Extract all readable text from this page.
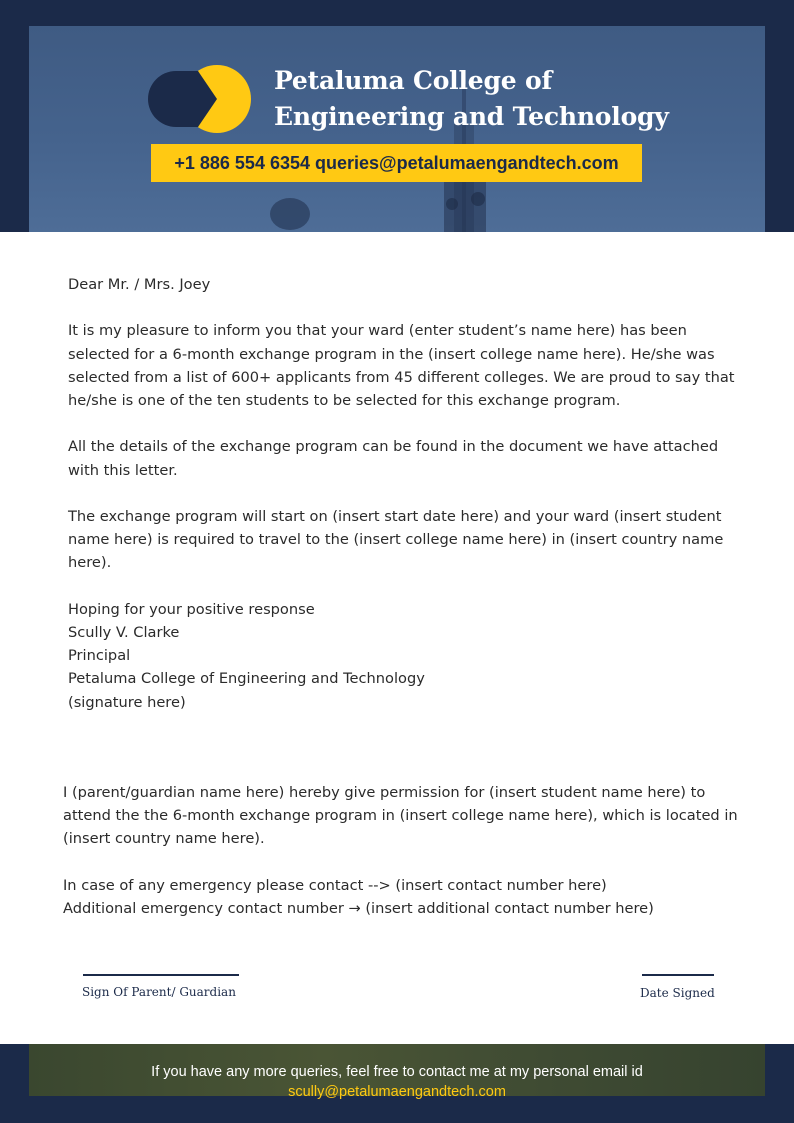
Petaluma College of
Engineering and Technology
+1 886 554 6354 queries@petalumaengandtech.com

Dear Mr. / Mrs. Joey

It is my pleasure to inform you that your ward (enter student’s name here) has been selected for a 6-month exchange program in the (insert college name here). He/she was selected from a list of 600+ applicants from 45 different colleges. We are proud to say that he/she is one of the ten students to be selected for this exchange program.

All the details of the exchange program can be found in the document we have attached with this letter.

The exchange program will start on (insert start date here) and your ward (insert student name here) is required to travel to the (insert college name here) in (insert country name here).

Hoping for your positive response
Scully V. Clarke
Principal
Petaluma College of Engineering and Technology
(signature here)

I (parent/guardian name here) hereby give permission for (insert student name here) to attend the the 6-month exchange program in (insert college name here), which is located in (insert country name here).

In case of any emergency please contact --> (insert contact number here)
Additional emergency contact number → (insert additional contact number here)
Sign Of Parent/ Guardian	Date Signed
If you have any more queries, feel free to contact me at my personal email id
scully@petalumaengandtech.com
